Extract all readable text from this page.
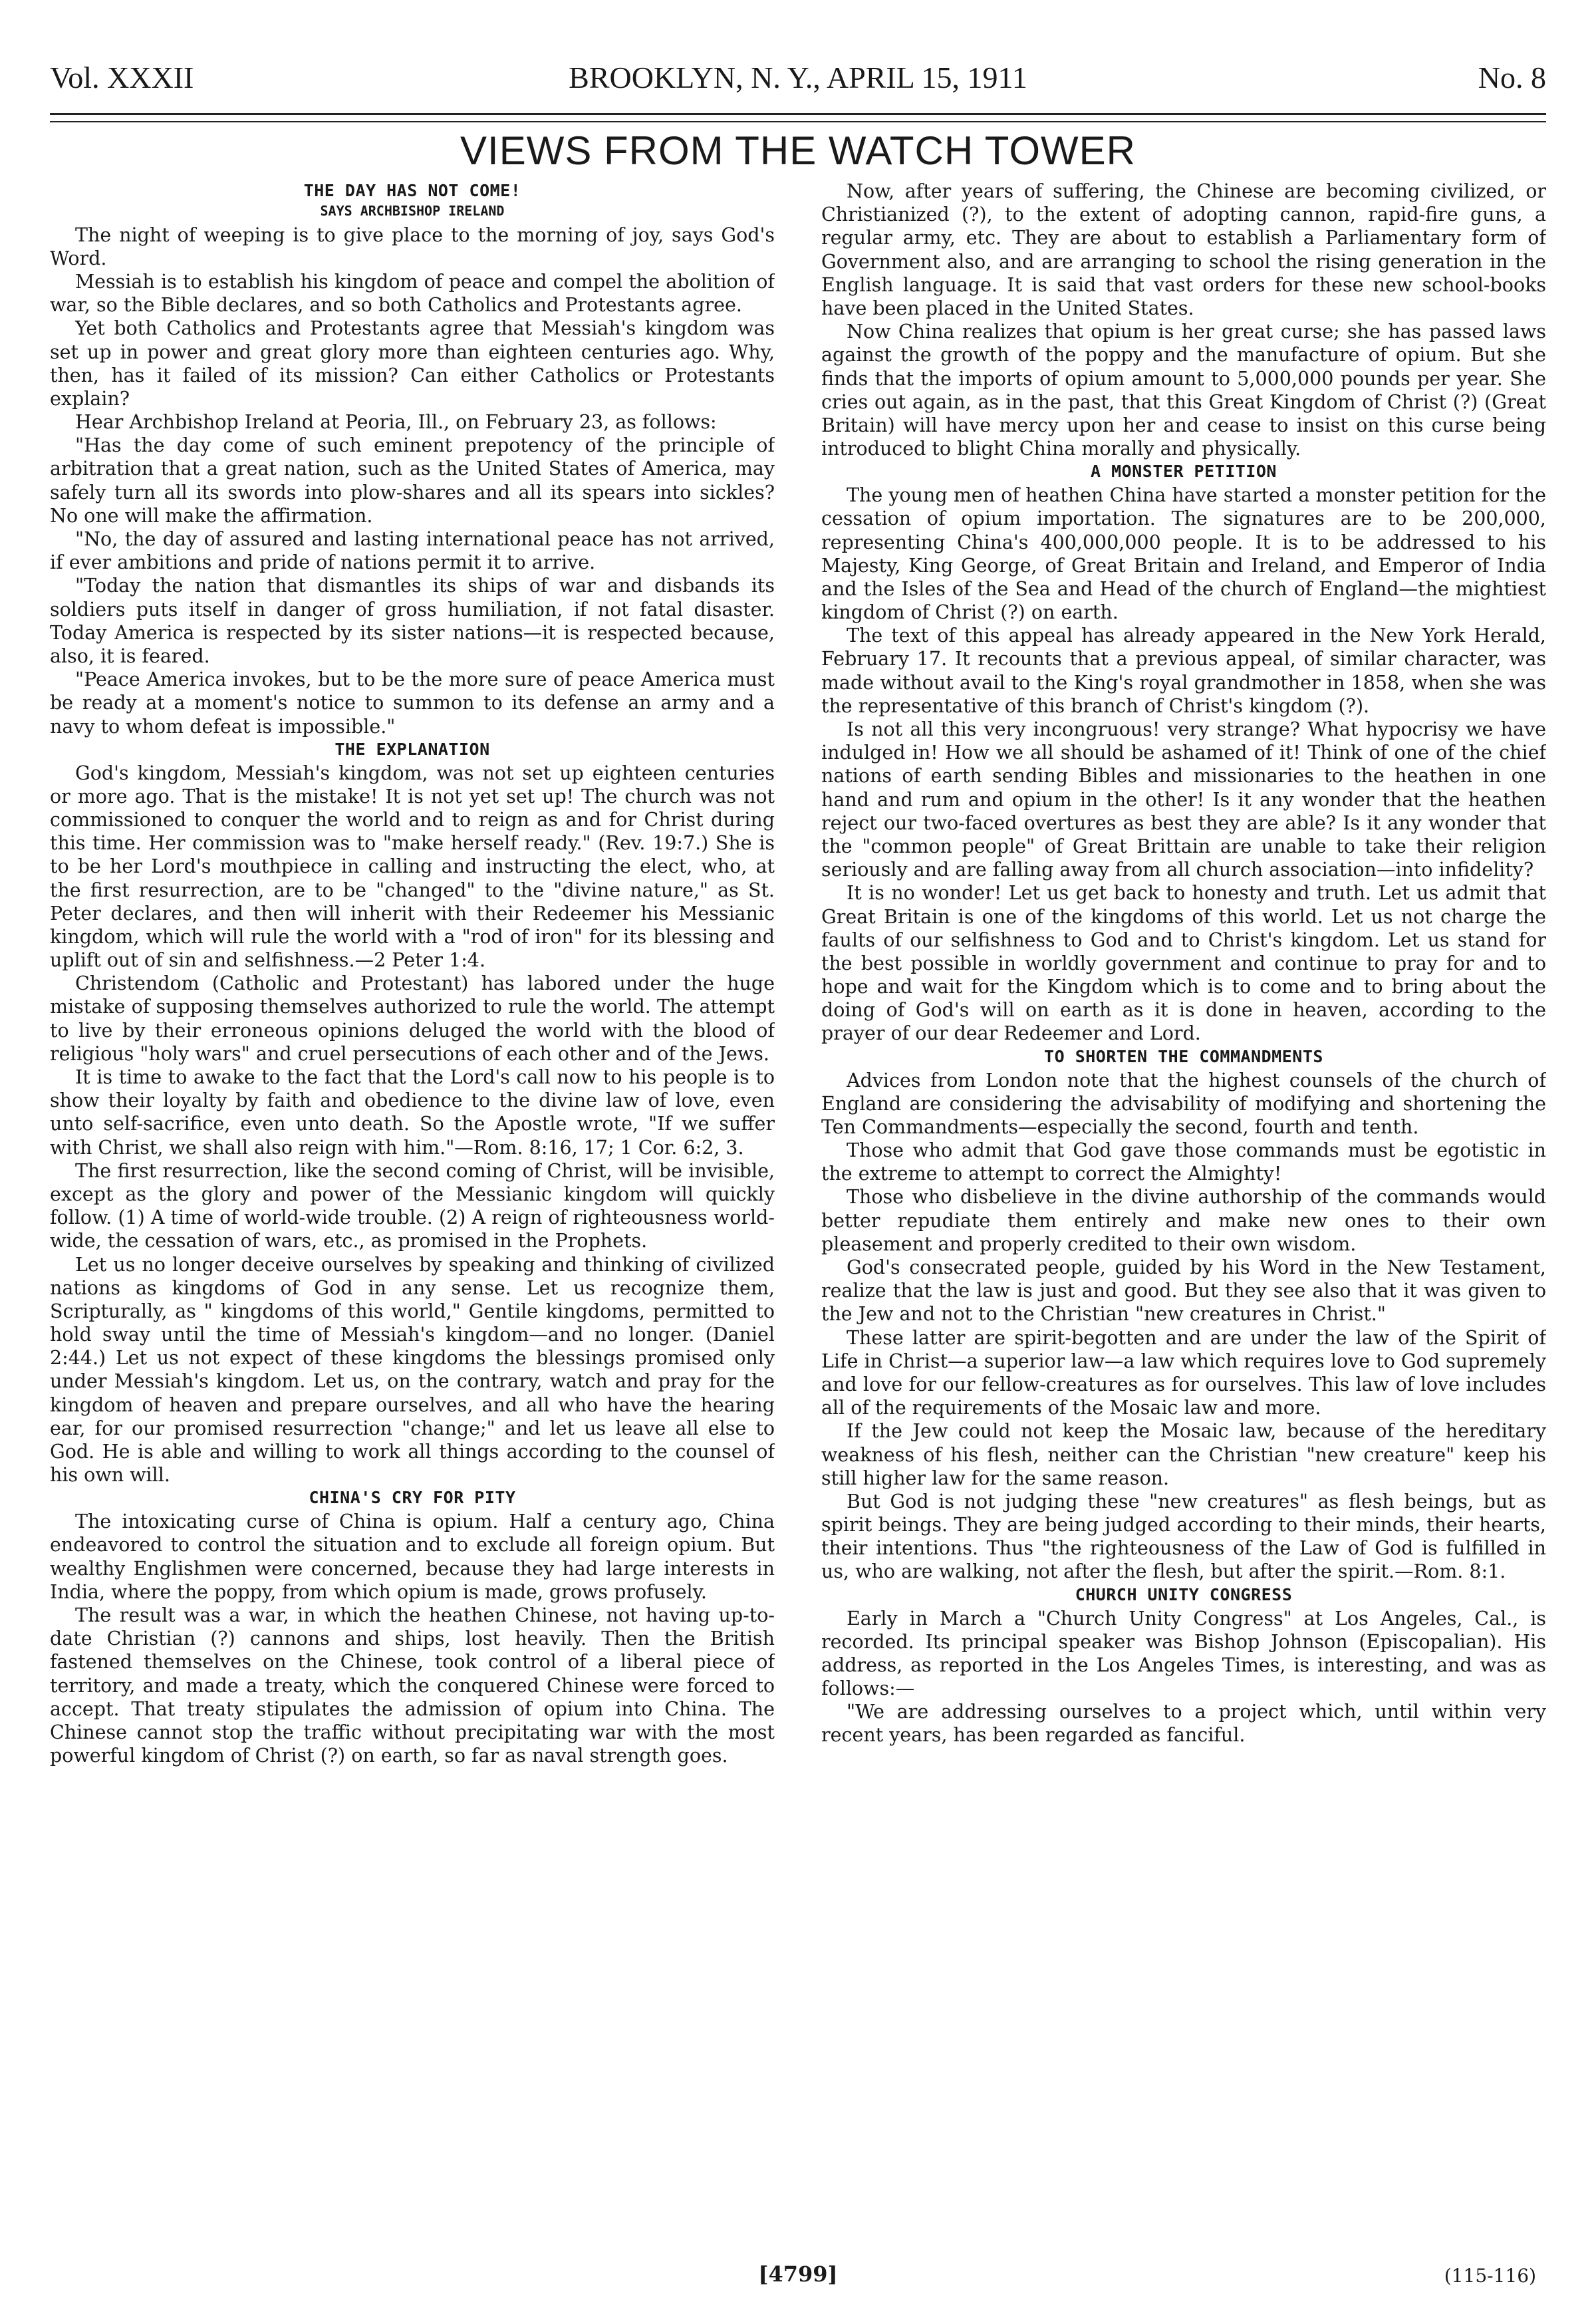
Vol. XXXII	BROOKLYN, N. Y., APRIL 15, 1911	No. 8
VIEWS FROM THE WATCH TOWER
THE DAY HAS NOT COME!
SAYS ARCHBISHOP IRELAND

The night of weeping is to give place to the morning of joy, says God's Word.

Messiah is to establish his kingdom of peace and compel the abolition of war, so the Bible declares, and so both Catholics and Protestants agree.

Yet both Catholics and Protestants agree that Messiah's kingdom was set up in power and great glory more than eighteen centuries ago. Why, then, has it failed of its mission? Can either Catholics or Protestants explain?

Hear Archbishop Ireland at Peoria, Ill., on February 23, as follows:

"Has the day come of such eminent prepotency of the principle of arbitration that a great nation, such as the United States of America, may safely turn all its swords into plow-shares and all its spears into sickles? No one will make the affirmation.

"No, the day of assured and lasting international peace has not arrived, if ever ambitions and pride of nations permit it to arrive.

"Today the nation that dismantles its ships of war and disbands its soldiers puts itself in danger of gross humiliation, if not fatal disaster. Today America is respected by its sister nations—it is respected because, also, it is feared.

"Peace America invokes, but to be the more sure of peace America must be ready at a moment's notice to summon to its defense an army and a navy to whom defeat is impossible."

THE EXPLANATION

God's kingdom, Messiah's kingdom, was not set up eighteen centuries or more ago. That is the mistake! It is not yet set up! The church was not commissioned to conquer the world and to reign as and for Christ during this time. Her commission was to "make herself ready." (Rev. 19:7.) She is to be her Lord's mouthpiece in calling and instructing the elect, who, at the first resurrection, are to be "changed" to the "divine nature," as St. Peter declares, and then will inherit with their Redeemer his Messianic kingdom, which will rule the world with a "rod of iron" for its blessing and uplift out of sin and selfishness.—2 Peter 1:4.

Christendom (Catholic and Protestant) has labored under the huge mistake of supposing themselves authorized to rule the world. The attempt to live by their erroneous opinions deluged the world with the blood of religious "holy wars" and cruel persecutions of each other and of the Jews.

It is time to awake to the fact that the Lord's call now to his people is to show their loyalty by faith and obedience to the divine law of love, even unto self-sacrifice, even unto death. So the Apostle wrote, "If we suffer with Christ, we shall also reign with him."—Rom. 8:16, 17; 1 Cor. 6:2, 3.

The first resurrection, like the second coming of Christ, will be invisible, except as the glory and power of the Messianic kingdom will quickly follow. (1) A time of world-wide trouble. (2) A reign of righteousness world-wide, the cessation of wars, etc., as promised in the Prophets.

Let us no longer deceive ourselves by speaking and thinking of civilized nations as kingdoms of God in any sense. Let us recognize them, Scripturally, as " kingdoms of this world," Gentile kingdoms, permitted to hold sway until the time of Messiah's kingdom—and no longer. (Daniel 2:44.) Let us not expect of these kingdoms the blessings promised only under Messiah's kingdom. Let us, on the contrary, watch and pray for the kingdom of heaven and prepare ourselves, and all who have the hearing ear, for our promised resurrection "change;" and let us leave all else to God. He is able and willing to work all things according to the counsel of his own will.

CHINA'S CRY FOR PITY

The intoxicating curse of China is opium. Half a century ago, China endeavored to control the situation and to exclude all foreign opium. But wealthy Englishmen were concerned, because they had large interests in India, where the poppy, from which opium is made, grows profusely.

The result was a war, in which the heathen Chinese, not having up-to-date Christian (?) cannons and ships, lost heavily. Then the British fastened themselves on the Chinese, took control of a liberal piece of territory, and made a treaty, which the conquered Chinese were forced to accept. That treaty stipulates the admission of opium into China. The Chinese cannot stop the traffic without precipitating war with the most powerful kingdom of Christ (?) on earth, so far as naval strength goes.

Now, after years of suffering, the Chinese are becoming civilized, or Christianized (?), to the extent of adopting cannon, rapid-fire guns, a regular army, etc. They are about to establish a Parliamentary form of Government also, and are arranging to school the rising generation in the English language. It is said that vast orders for these new school-books have been placed in the United States.

Now China realizes that opium is her great curse; she has passed laws against the growth of the poppy and the manufacture of opium. But she finds that the imports of opium amount to 5,000,000 pounds per year. She cries out again, as in the past, that this Great Kingdom of Christ (?) (Great Britain) will have mercy upon her and cease to insist on this curse being introduced to blight China morally and physically.

A MONSTER PETITION

The young men of heathen China have started a monster petition for the cessation of opium importation. The signatures are to be 200,000, representing China's 400,000,000 people. It is to be addressed to his Majesty, King George, of Great Britain and Ireland, and Emperor of India and the Isles of the Sea and Head of the church of England—the mightiest kingdom of Christ (?) on earth.

The text of this appeal has already appeared in the New York Herald, February 17. It recounts that a previous appeal, of similar character, was made without avail to the King's royal grandmother in 1858, when she was the representative of this branch of Christ's kingdom (?).

Is not all this very incongruous! very strange? What hypocrisy we have indulged in! How we all should be ashamed of it! Think of one of the chief nations of earth sending Bibles and missionaries to the heathen in one hand and rum and opium in the other! Is it any wonder that the heathen reject our two-faced overtures as best they are able? Is it any wonder that the "common people" of Great Brittain are unable to take their religion seriously and are falling away from all church association—into infidelity?

It is no wonder! Let us get back to honesty and truth. Let us admit that Great Britain is one of the kingdoms of this world. Let us not charge the faults of our selfishness to God and to Christ's kingdom. Let us stand for the best possible in worldly government and continue to pray for and to hope and wait for the Kingdom which is to come and to bring about the doing of God's will on earth as it is done in heaven, according to the prayer of our dear Redeemer and Lord.

TO SHORTEN THE COMMANDMENTS

Advices from London note that the highest counsels of the church of England are considering the advisability of modifying and shortening the Ten Commandments—especially the second, fourth and tenth.

Those who admit that God gave those commands must be egotistic in the extreme to attempt to correct the Almighty!

Those who disbelieve in the divine authorship of the commands would better repudiate them entirely and make new ones to their own pleasement and properly credited to their own wisdom.

God's consecrated people, guided by his Word in the New Testament, realize that the law is just and good. But they see also that it was given to the Jew and not to the Christian "new creatures in Christ."

These latter are spirit-begotten and are under the law of the Spirit of Life in Christ—a superior law—a law which requires love to God supremely and love for our fellow-creatures as for ourselves. This law of love includes all of the requirements of the Mosaic law and more.

If the Jew could not keep the Mosaic law, because of the hereditary weakness of his flesh, neither can the Christian "new creature" keep his still higher law for the same reason.

But God is not judging these "new creatures" as flesh beings, but as spirit beings. They are being judged according to their minds, their hearts, their intentions. Thus "the righteousness of the Law of God is fulfilled in us, who are walking, not after the flesh, but after the spirit.—Rom. 8:1.

CHURCH UNITY CONGRESS

Early in March a "Church Unity Congress" at Los Angeles, Cal., is recorded. Its principal speaker was Bishop Johnson (Episcopalian). His address, as reported in the Los Angeles Times, is interesting, and was as follows:—

"We are addressing ourselves to a project which, until within very recent years, has been regarded as fanciful.

[4799]	(115-116)
